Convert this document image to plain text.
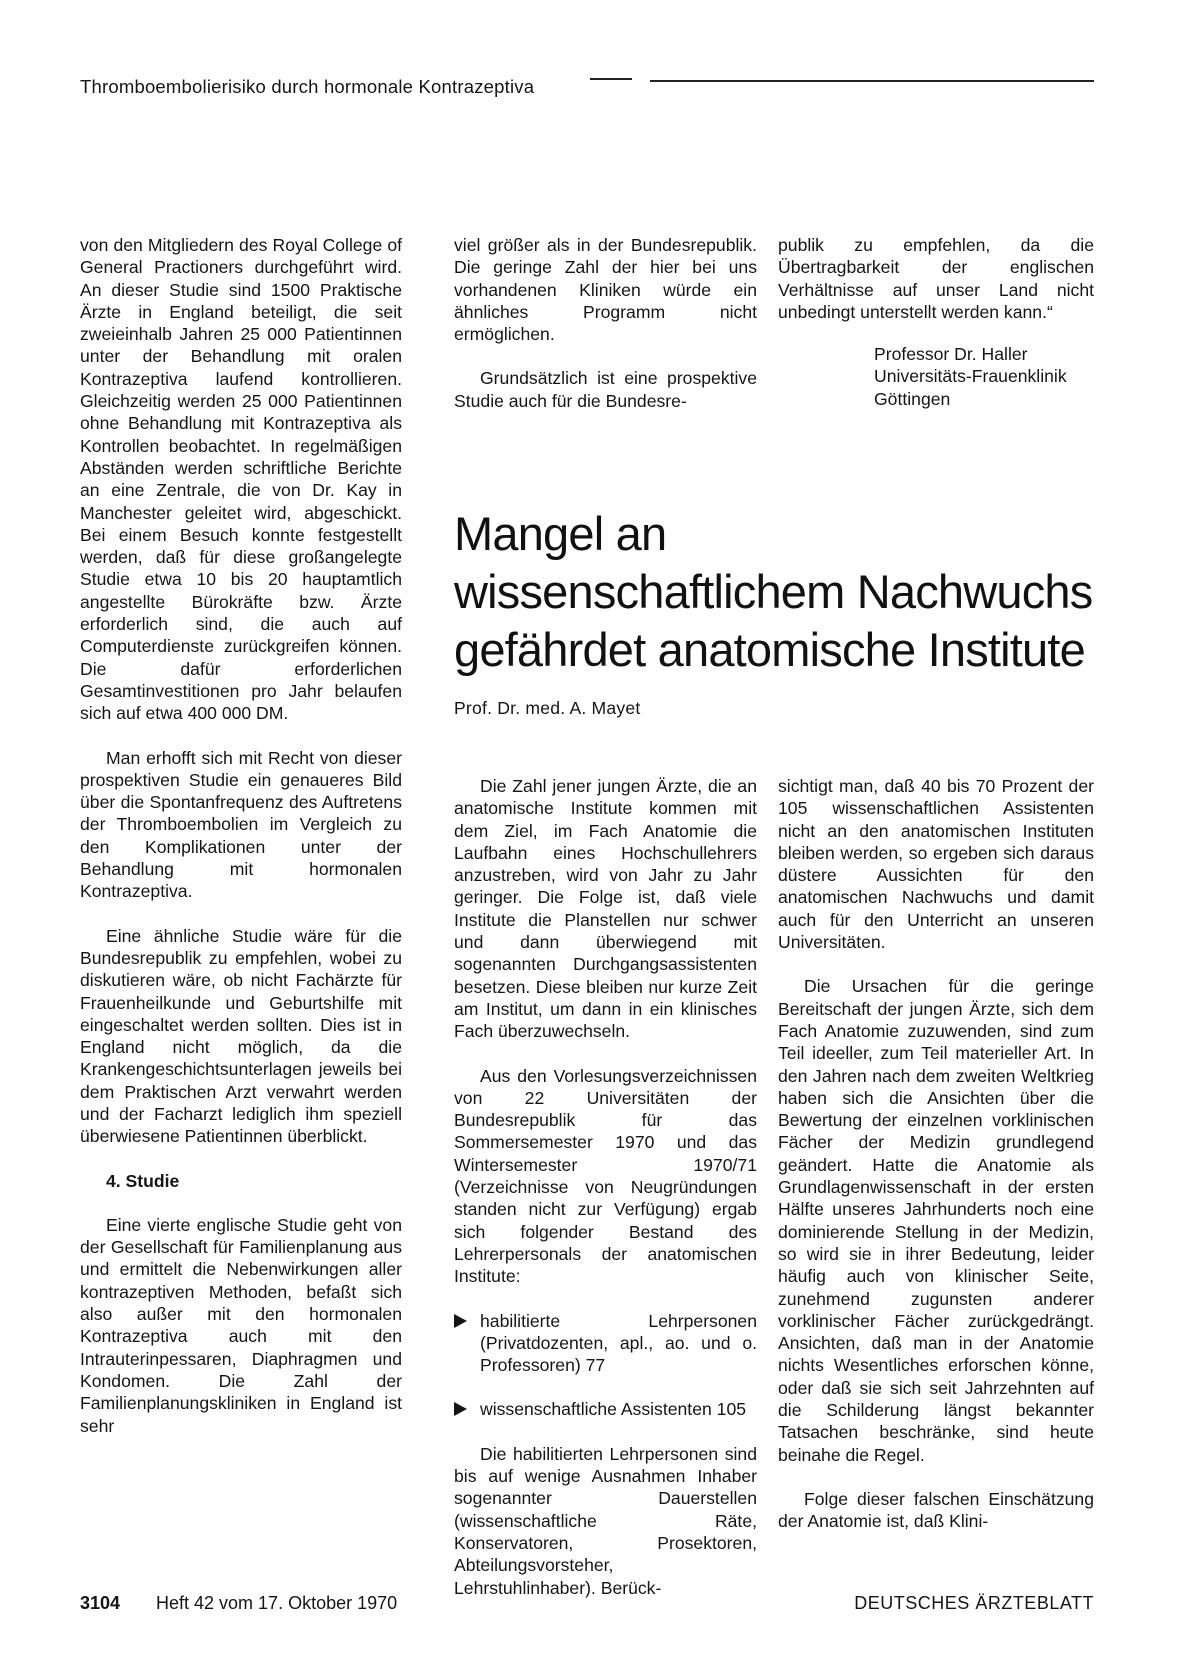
Thromboembolierisiko durch hormonale Kontrazeptiva

von den Mitgliedern des Royal College of General Practioners durchgeführt wird. An dieser Studie sind 1500 Praktische Ärzte in England beteiligt, die seit zweieinhalb Jahren 25 000 Patientinnen unter der Behandlung mit oralen Kontrazeptiva laufend kontrollieren. Gleichzeitig werden 25 000 Patientinnen ohne Behandlung mit Kontrazeptiva als Kontrollen beobachtet. In regelmäßigen Abständen werden schriftliche Berichte an eine Zentrale, die von Dr. Kay in Manchester geleitet wird, abgeschickt. Bei einem Besuch konnte festgestellt werden, daß für diese großangelegte Studie etwa 10 bis 20 hauptamtlich angestellte Bürokräfte bzw. Ärzte erforderlich sind, die auch auf Computerdienste zurückgreifen können. Die dafür erforderlichen Gesamtinvestitionen pro Jahr belaufen sich auf etwa 400 000 DM.

Man erhofft sich mit Recht von dieser prospektiven Studie ein genaueres Bild über die Spontanfrequenz des Auftretens der Thromboembolien im Vergleich zu den Komplikationen unter der Behandlung mit hormonalen Kontrazeptiva.

Eine ähnliche Studie wäre für die Bundesrepublik zu empfehlen, wobei zu diskutieren wäre, ob nicht Fachärzte für Frauenheilkunde und Geburtshilfe mit eingeschaltet werden sollten. Dies ist in England nicht möglich, da die Krankengeschichtsunterlagen jeweils bei dem Praktischen Arzt verwahrt werden und der Facharzt lediglich ihm speziell überwiesene Patientinnen überblickt.

4. Studie

Eine vierte englische Studie geht von der Gesellschaft für Familienplanung aus und ermittelt die Nebenwirkungen aller kontrazeptiven Methoden, befaßt sich also außer mit den hormonalen Kontrazeptiva auch mit den Intrauterinpessaren, Diaphragmen und Kondomen. Die Zahl der Familienplanungskliniken in England ist sehr

viel größer als in der Bundesrepublik. Die geringe Zahl der hier bei uns vorhandenen Kliniken würde ein ähnliches Programm nicht ermöglichen.

Grundsätzlich ist eine prospektive Studie auch für die Bundesre-

publik zu empfehlen, da die Übertragbarkeit der englischen Verhältnisse auf unser Land nicht unbedingt unterstellt werden kann.“

Professor Dr. Haller
Universitäts-Frauenklinik
Göttingen
Mangel an
wissenschaftlichem Nachwuchs
gefährdet anatomische Institute
Prof. Dr. med. A. Mayet

Die Zahl jener jungen Ärzte, die an anatomische Institute kommen mit dem Ziel, im Fach Anatomie die Laufbahn eines Hochschullehrers anzustreben, wird von Jahr zu Jahr geringer. Die Folge ist, daß viele Institute die Planstellen nur schwer und dann überwiegend mit sogenannten Durchgangsassistenten besetzen. Diese bleiben nur kurze Zeit am Institut, um dann in ein klinisches Fach überzuwechseln.

Aus den Vorlesungsverzeichnissen von 22 Universitäten der Bundesrepublik für das Sommersemester 1970 und das Wintersemester 1970/71 (Verzeichnisse von Neugründungen standen nicht zur Verfügung) ergab sich folgender Bestand des Lehrerpersonals der anatomischen Institute:

habilitierte Lehrpersonen (Privatdozenten, apl., ao. und o. Professoren) 77
wissenschaftliche Assistenten 105

Die habilitierten Lehrpersonen sind bis auf wenige Ausnahmen Inhaber sogenannter Dauerstellen (wissenschaftliche Räte, Konservatoren, Prosektoren, Abteilungsvorsteher, Lehrstuhlinhaber). Berück-

sichtigt man, daß 40 bis 70 Prozent der 105 wissenschaftlichen Assistenten nicht an den anatomischen Instituten bleiben werden, so ergeben sich daraus düstere Aussichten für den anatomischen Nachwuchs und damit auch für den Unterricht an unseren Universitäten.

Die Ursachen für die geringe Bereitschaft der jungen Ärzte, sich dem Fach Anatomie zuzuwenden, sind zum Teil ideeller, zum Teil materieller Art. In den Jahren nach dem zweiten Weltkrieg haben sich die Ansichten über die Bewertung der einzelnen vorklinischen Fächer der Medizin grundlegend geändert. Hatte die Anatomie als Grundlagenwissenschaft in der ersten Hälfte unseres Jahrhunderts noch eine dominierende Stellung in der Medizin, so wird sie in ihrer Bedeutung, leider häufig auch von klinischer Seite, zunehmend zugunsten anderer vorklinischer Fächer zurückgedrängt. Ansichten, daß man in der Anatomie nichts Wesentliches erforschen könne, oder daß sie sich seit Jahrzehnten auf die Schilderung längst bekannter Tatsachen beschränke, sind heute beinahe die Regel.

Folge dieser falschen Einschätzung der Anatomie ist, daß Klini-

3104 Heft 42 vom 17. Oktober 1970	DEUTSCHES ÄRZTEBLATT
